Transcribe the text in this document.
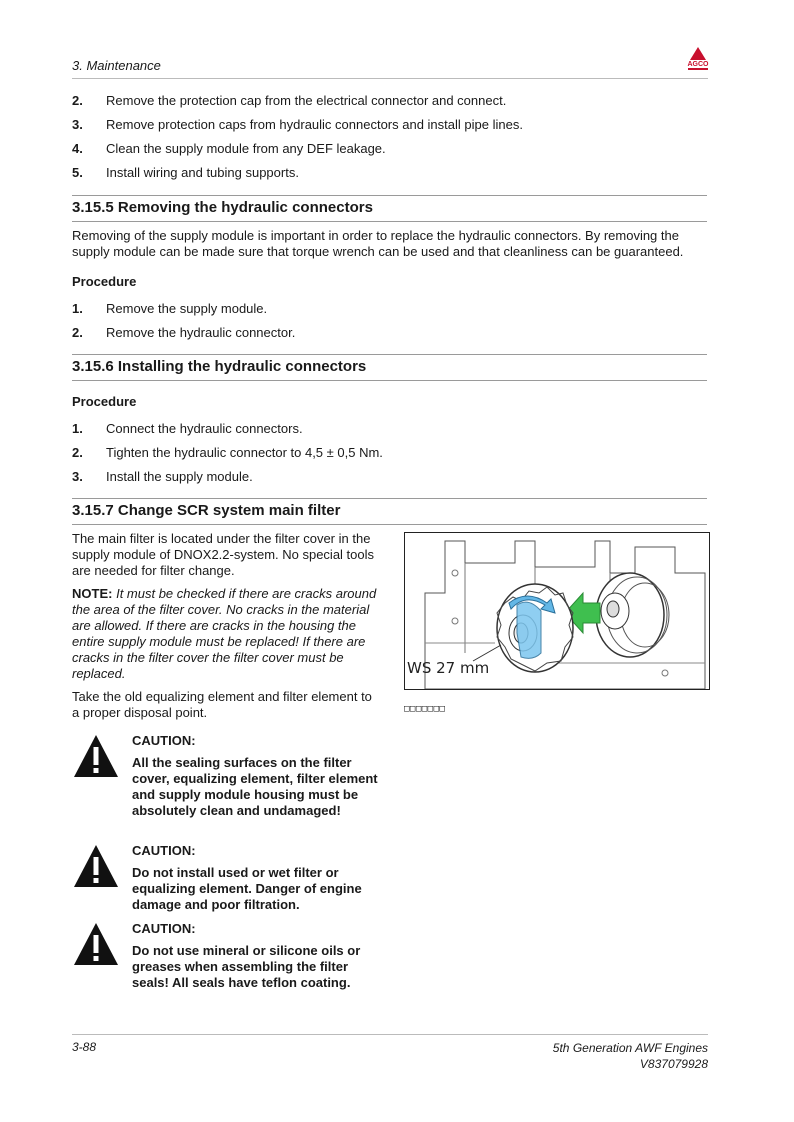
3. Maintenance	AGCO
2. Remove the protection cap from the electrical connector and connect.
3. Remove protection caps from hydraulic connectors and install pipe lines.
4. Clean the supply module from any DEF leakage.
5. Install wiring and tubing supports.
3.15.5 Removing the hydraulic connectors

Removing of the supply module is important in order to replace the hydraulic connectors. By removing the supply module can be made sure that torque wrench can be used and that cleanliness can be guaranteed.

Procedure
1. Remove the supply module.
2. Remove the hydraulic connector.
3.15.6 Installing the hydraulic connectors
Procedure
1. Connect the hydraulic connectors.
2. Tighten the hydraulic connector to 4,5 ± 0,5 Nm.
3. Install the supply module.
3.15.7 Change SCR system main filter

The main filter is located under the filter cover in the supply module of DNOX2.2-system. No special tools are needed for filter change.

NOTE: It must be checked if there are cracks around the area of the filter cover. No cracks in the material are allowed. If there are cracks in the housing the entire supply module must be replaced! If there are cracks in the filter cover the filter cover must be replaced.

Take the old equalizing element and filter element to a proper disposal point.

CAUTION:
All the sealing surfaces on the filter cover, equalizing element, filter element and supply module housing must be absolutely clean and undamaged!
CAUTION:
Do not install used or wet filter or equalizing element. Danger of engine damage and poor filtration.
CAUTION:
Do not use mineral or silicone oils or greases when assembling the filter seals! All seals have teflon coating.
WS 27 mm
□□□□□□□
3-88	5th Generation AWF Engines
V837079928
